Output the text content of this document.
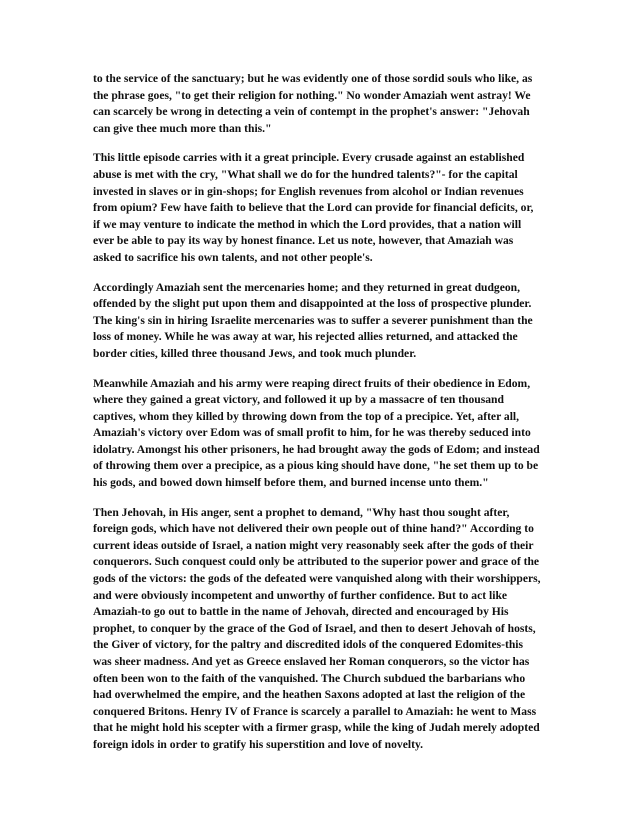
to the service of the sanctuary; but he was evidently one of those sordid souls who like, as the phrase goes, "to get their religion for nothing." No wonder Amaziah went astray! We can scarcely be wrong in detecting a vein of contempt in the prophet's answer: "Jehovah can give thee much more than this."

This little episode carries with it a great principle. Every crusade against an established abuse is met with the cry, "What shall we do for the hundred talents?"- for the capital invested in slaves or in gin-shops; for English revenues from alcohol or Indian revenues from opium? Few have faith to believe that the Lord can provide for financial deficits, or, if we may venture to indicate the method in which the Lord provides, that a nation will ever be able to pay its way by honest finance. Let us note, however, that Amaziah was asked to sacrifice his own talents, and not other people's.

Accordingly Amaziah sent the mercenaries home; and they returned in great dudgeon, offended by the slight put upon them and disappointed at the loss of prospective plunder. The king's sin in hiring Israelite mercenaries was to suffer a severer punishment than the loss of money. While he was away at war, his rejected allies returned, and attacked the border cities, killed three thousand Jews, and took much plunder.

Meanwhile Amaziah and his army were reaping direct fruits of their obedience in Edom, where they gained a great victory, and followed it up by a massacre of ten thousand captives, whom they killed by throwing down from the top of a precipice. Yet, after all, Amaziah's victory over Edom was of small profit to him, for he was thereby seduced into idolatry. Amongst his other prisoners, he had brought away the gods of Edom; and instead of throwing them over a precipice, as a pious king should have done, "he set them up to be his gods, and bowed down himself before them, and burned incense unto them."

Then Jehovah, in His anger, sent a prophet to demand, "Why hast thou sought after, foreign gods, which have not delivered their own people out of thine hand?" According to current ideas outside of Israel, a nation might very reasonably seek after the gods of their conquerors. Such conquest could only be attributed to the superior power and grace of the gods of the victors: the gods of the defeated were vanquished along with their worshippers, and were obviously incompetent and unworthy of further confidence. But to act like Amaziah-to go out to battle in the name of Jehovah, directed and encouraged by His prophet, to conquer by the grace of the God of Israel, and then to desert Jehovah of hosts, the Giver of victory, for the paltry and discredited idols of the conquered Edomites-this was sheer madness. And yet as Greece enslaved her Roman conquerors, so the victor has often been won to the faith of the vanquished. The Church subdued the barbarians who had overwhelmed the empire, and the heathen Saxons adopted at last the religion of the conquered Britons. Henry IV of France is scarcely a parallel to Amaziah: he went to Mass that he might hold his scepter with a firmer grasp, while the king of Judah merely adopted foreign idols in order to gratify his superstition and love of novelty.
